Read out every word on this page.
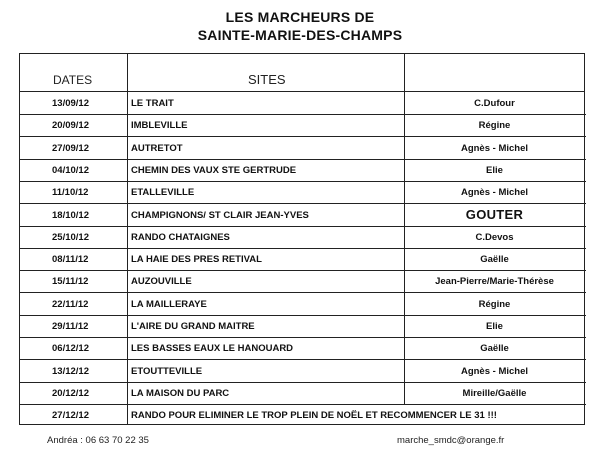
LES MARCHEURS DE
SAINTE-MARIE-DES-CHAMPS
DATES	SITES
13/09/12	LE TRAIT	C.Dufour
20/09/12	IMBLEVILLE	Régine
27/09/12	AUTRETOT	Agnès - Michel
04/10/12	CHEMIN DES VAUX STE GERTRUDE	Elie
11/10/12	ETALLEVILLE	Agnès - Michel
18/10/12	CHAMPIGNONS/ ST CLAIR JEAN-YVES	GOUTER
25/10/12	RANDO CHATAIGNES	C.Devos
08/11/12	LA HAIE DES PRES RETIVAL	Gaëlle
15/11/12	AUZOUVILLE	Jean-Pierre/Marie-Thérèse
22/11/12	LA MAILLERAYE	Régine
29/11/12	L'AIRE DU GRAND MAITRE	Elie
06/12/12	LES BASSES EAUX LE HANOUARD	Gaëlle
13/12/12	ETOUTTEVILLE	Agnès - Michel
20/12/12	LA MAISON DU PARC	Mireille/Gaëlle
27/12/12	RANDO POUR ELIMINER LE TROP PLEIN DE NOËL ET RECOMMENCER LE 31 !!!
Andréa : 06 63 70 22 35	marche_smdc@orange.fr
